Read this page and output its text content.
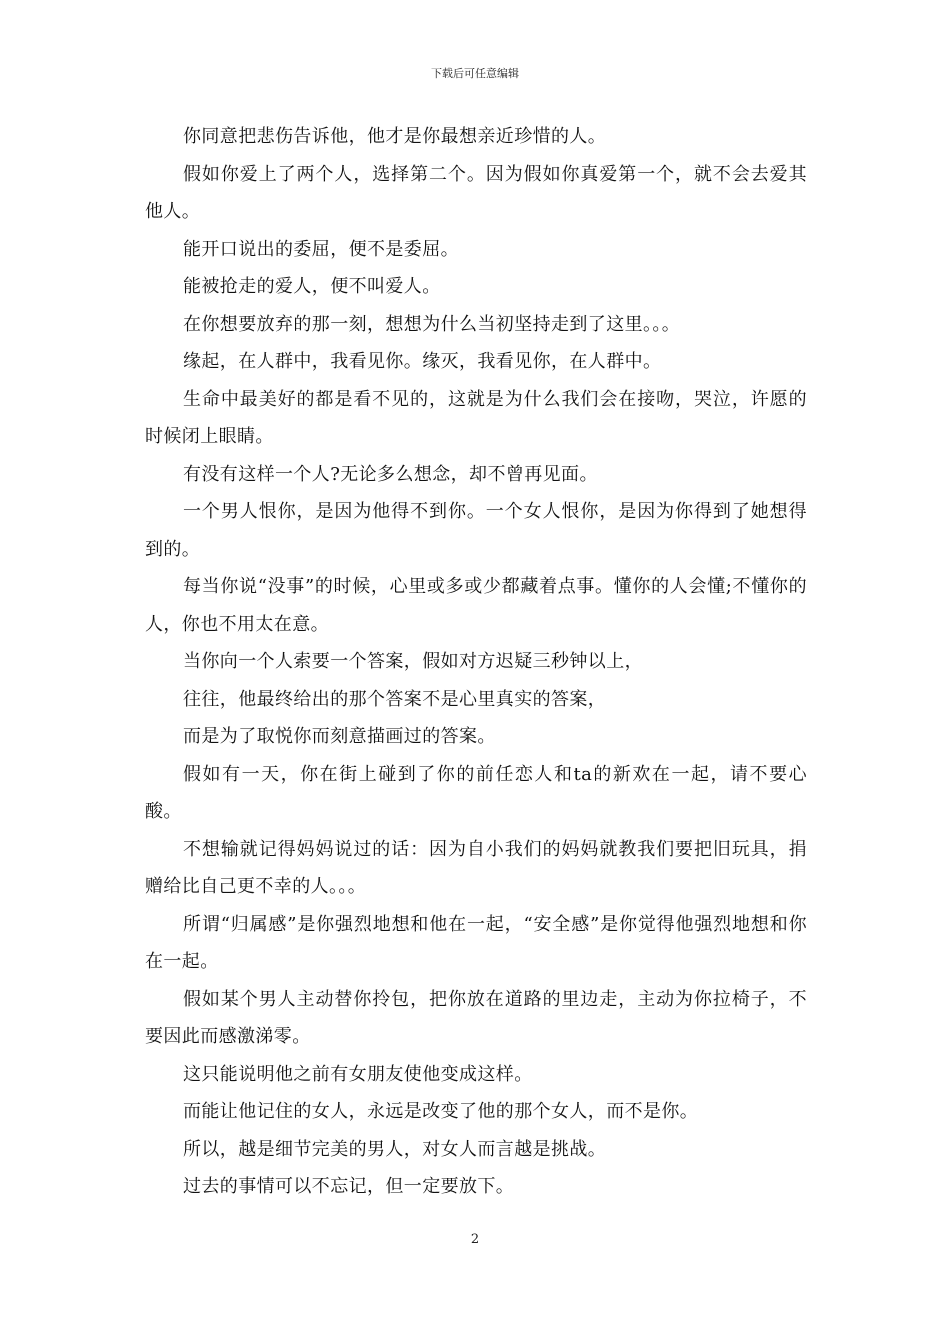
下载后可任意编辑

你同意把悲伤告诉他，他才是你最想亲近珍惜的人。

假如你爱上了两个人，选择第二个。因为假如你真爱第一个，就不会去爱其他人。

能开口说出的委屈，便不是委屈。

能被抢走的爱人，便不叫爱人。

在你想要放弃的那一刻，想想为什么当初坚持走到了这里。。。

缘起，在人群中，我看见你。缘灭，我看见你，在人群中。

生命中最美好的都是看不见的，这就是为什么我们会在接吻，哭泣，许愿的时候闭上眼睛。

有没有这样一个人?无论多么想念，却不曾再见面。

一个男人恨你，是因为他得不到你。一个女人恨你，是因为你得到了她想得到的。

每当你说“没事”的时候，心里或多或少都藏着点事。懂你的人会懂;不懂你的人，你也不用太在意。

当你向一个人索要一个答案，假如对方迟疑三秒钟以上，

往往，他最终给出的那个答案不是心里真实的答案，

而是为了取悦你而刻意描画过的答案。

假如有一天，你在街上碰到了你的前任恋人和ta的新欢在一起，请不要心酸。

不想输就记得妈妈说过的话：因为自小我们的妈妈就教我们要把旧玩具，捐赠给比自己更不幸的人。。。

所谓“归属感”是你强烈地想和他在一起，“安全感”是你觉得他强烈地想和你在一起。

假如某个男人主动替你拎包，把你放在道路的里边走，主动为你拉椅子，不要因此而感激涕零。

这只能说明他之前有女朋友使他变成这样。

而能让他记住的女人，永远是改变了他的那个女人，而不是你。

所以，越是细节完美的男人，对女人而言越是挑战。

过去的事情可以不忘记，但一定要放下。

2
